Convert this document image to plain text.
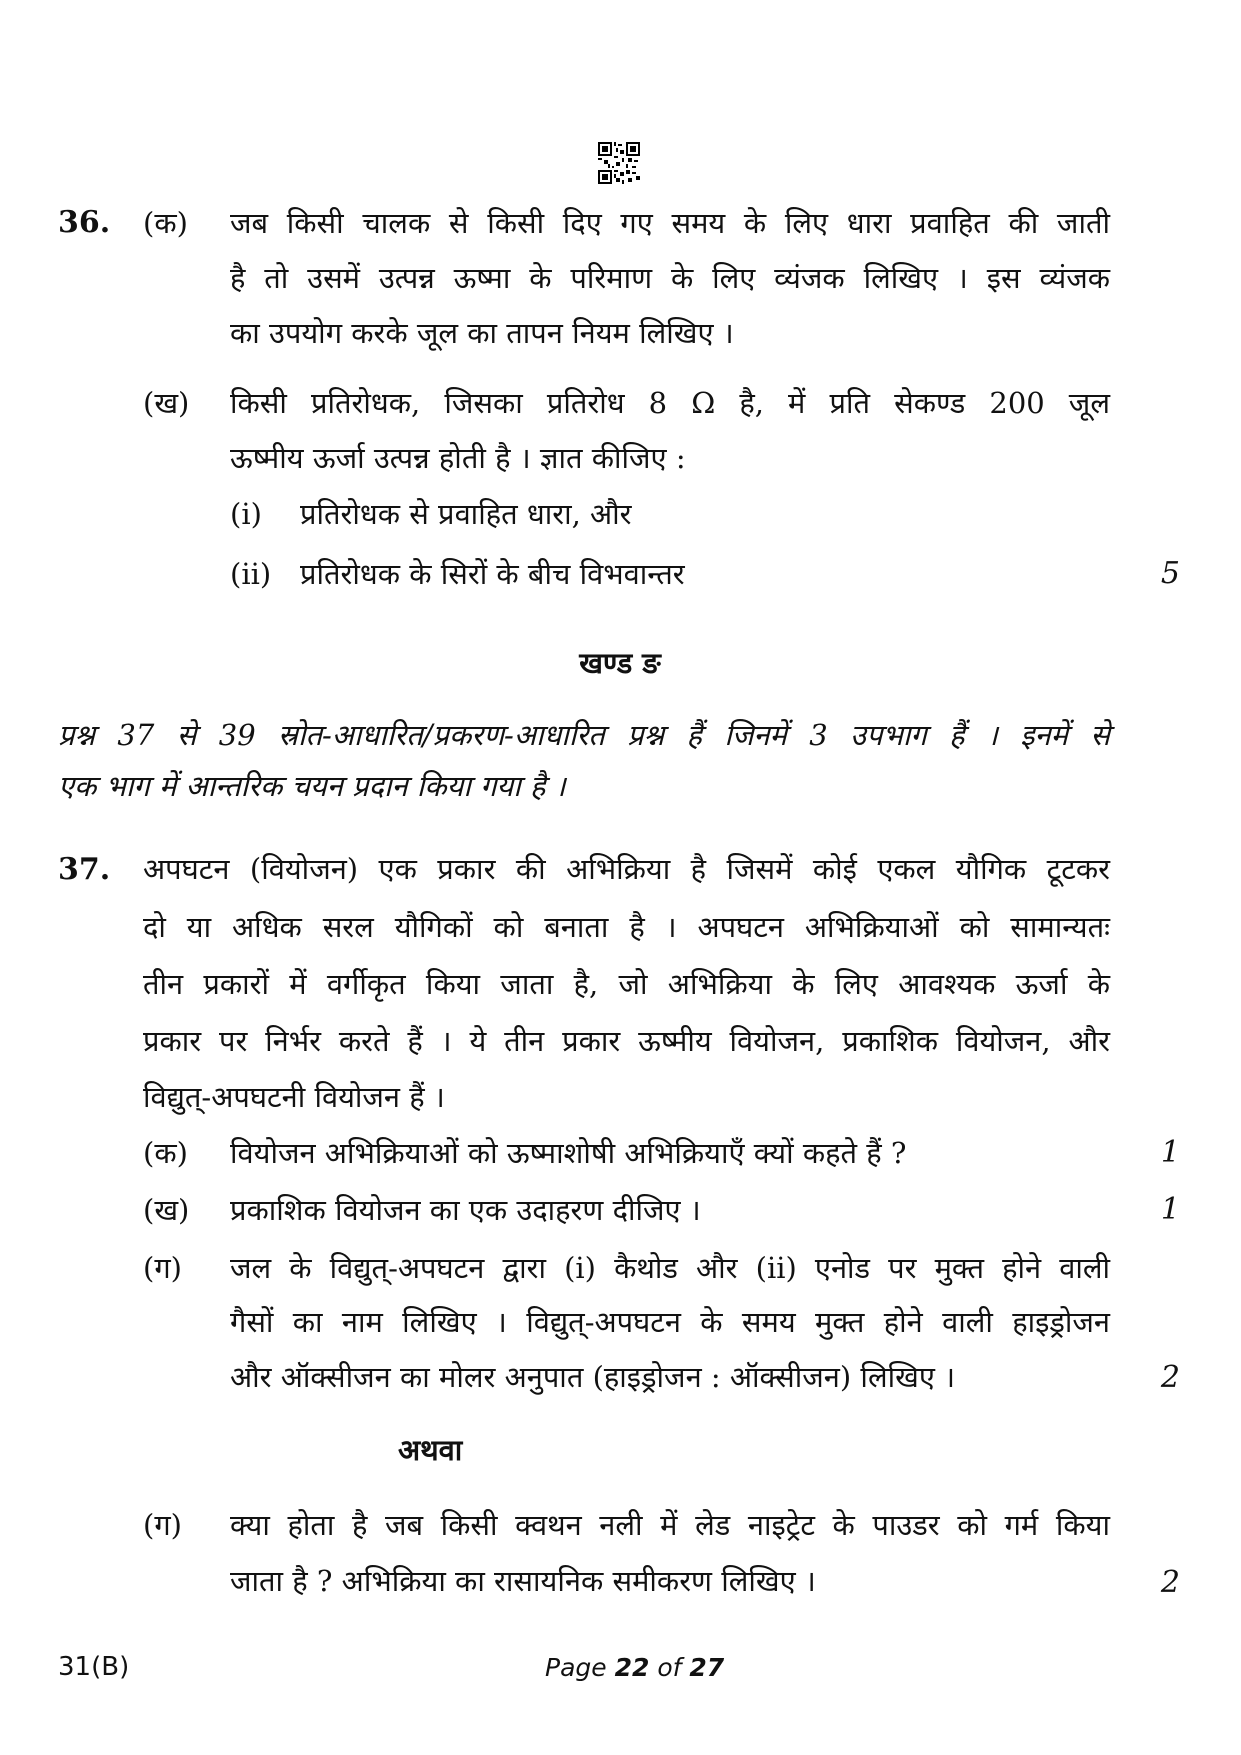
36. (क) जब किसी चालक से किसी दिए गए समय के लिए धारा प्रवाहित की जाती
है तो उसमें उत्पन्न ऊष्मा के परिमाण के लिए व्यंजक लिखिए । इस व्यंजक
का उपयोग करके जूल का तापन नियम लिखिए ।
(ख) किसी प्रतिरोधक, जिसका प्रतिरोध 8 Ω है, में प्रति सेकण्ड 200 जूल
ऊष्मीय ऊर्जा उत्पन्न होती है । ज्ञात कीजिए :
(i) प्रतिरोधक से प्रवाहित धारा, और
(ii) प्रतिरोधक के सिरों के बीच विभवान्तर	5
खण्ड ङ
प्रश्न 37 से 39 स्रोत-आधारित/प्रकरण-आधारित प्रश्न हैं जिनमें 3 उपभाग हैं । इनमें से
एक भाग में आन्तरिक चयन प्रदान किया गया है ।
37. अपघटन (वियोजन) एक प्रकार की अभिक्रिया है जिसमें कोई एकल यौगिक टूटकर
दो या अधिक सरल यौगिकों को बनाता है । अपघटन अभिक्रियाओं को सामान्यतः
तीन प्रकारों में वर्गीकृत किया जाता है, जो अभिक्रिया के लिए आवश्यक ऊर्जा के
प्रकार पर निर्भर करते हैं । ये तीन प्रकार ऊष्मीय वियोजन, प्रकाशिक वियोजन, और
विद्युत्-अपघटनी वियोजन हैं ।
(क) वियोजन अभिक्रियाओं को ऊष्माशोषी अभिक्रियाएँ क्यों कहते हैं ?	1
(ख) प्रकाशिक वियोजन का एक उदाहरण दीजिए ।	1
(ग) जल के विद्युत्-अपघटन द्वारा (i) कैथोड और (ii) एनोड पर मुक्त होने वाली
गैसों का नाम लिखिए । विद्युत्-अपघटन के समय मुक्त होने वाली हाइड्रोजन
और ऑक्सीजन का मोलर अनुपात (हाइड्रोजन : ऑक्सीजन) लिखिए ।	2
अथवा
(ग) क्या होता है जब किसी क्वथन नली में लेड नाइट्रेट के पाउडर को गर्म किया
जाता है ? अभिक्रिया का रासायनिक समीकरण लिखिए ।	2
31(B)	Page 22 of 27
